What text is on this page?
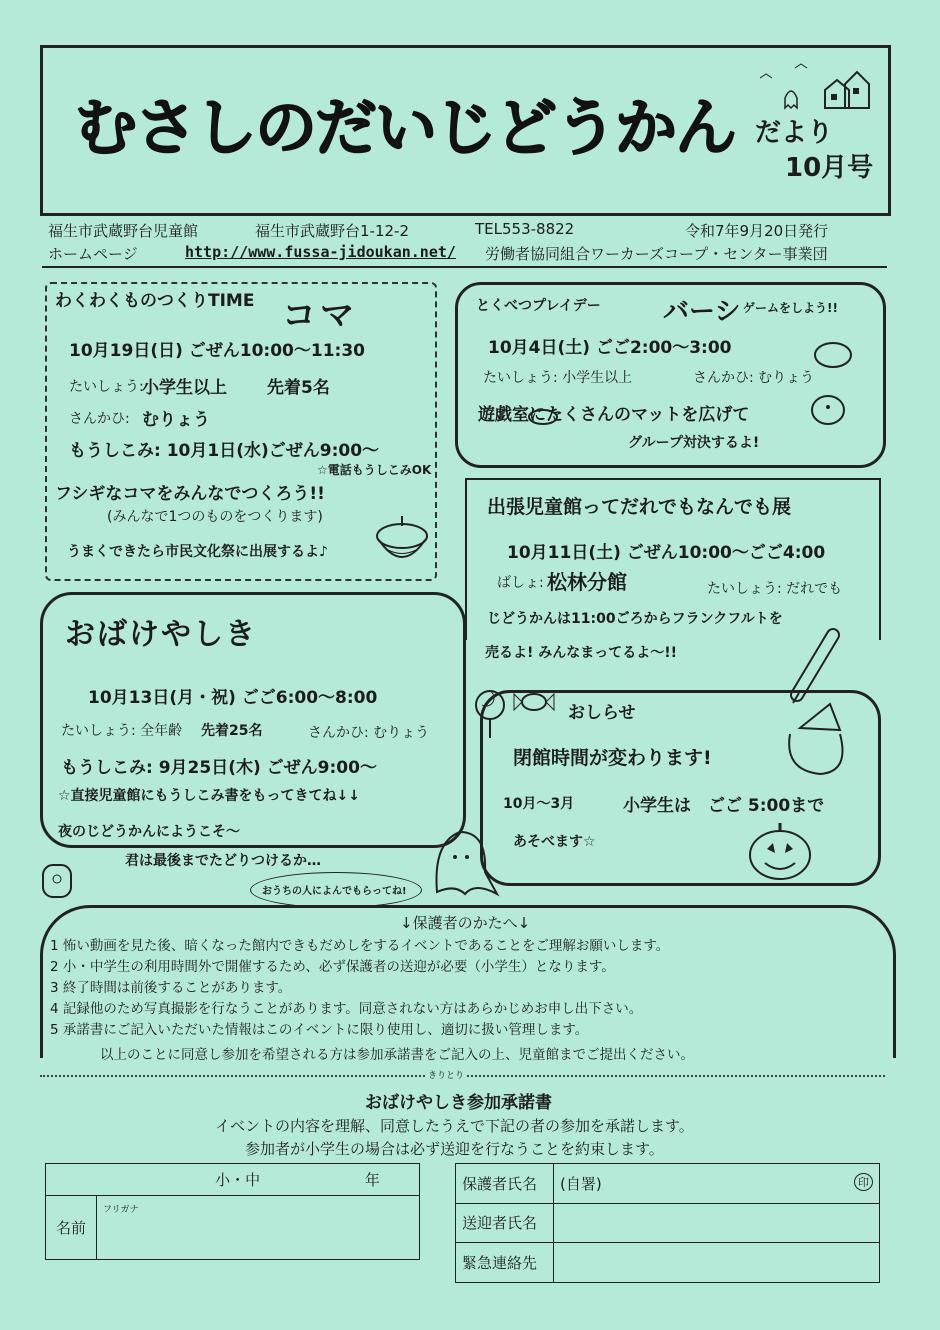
むさしのだいじどうかん だより
10月号
福生市武蔵野台児童館	福生市武蔵野台1-12-2	TEL553-8822	令和7年9月20日発行
ホームページ	http://www.fussa-jidoukan.net/ 労働者協同組合ワーカーズコープ・センター事業団
わくわくものつくりTIME コマ
10月19日(日) ごぜん10:00～11:30
たいしょう:
小学生以上 先着5名
さんかひ: むりょう
もうしこみ: 10月1日(水)ごぜん9:00～
☆電話もうしこみOK
フシギなコマをみんなでつくろう!!
(みんなで1つのものをつくります)
うまくできたら市民文化祭に出展するよ♪
とくべつプレイデー バーシ ゲームをしよう!!
10月4日(土) ごご2:00～3:00
たいしょう: 小学生以上	さんかひ: むりょう
遊戯室にたくさんのマットを広げて
グループ対決するよ!
出張児童館ってだれでもなんでも展
10月11日(土) ごぜん10:00～ごご4:00
ばしょ: 松林分館	たいしょう: だれでも
じどうかんは11:00ごろからフランクフルトを
売るよ! みんなまってるよ～!!
おばけやしき
10月13日(月・祝) ごご6:00～8:00
たいしょう: 全年齢 先着25名	さんかひ: むりょう
もうしこみ: 9月25日(木) ごぜん9:00～
☆直接児童館にもうしこみ書をもってきてね↓↓
夜のじどうかんにようこそ～
君は最後までたどりつけるか…
おうちの人によんでもらってね!
おしらせ
閉館時間が変わります!
10月～3月	小学生は ごご 5:00まで
あそべます☆
↓保護者のかたへ↓
1 怖い動画を見た後、暗くなった館内できもだめしをするイベントであることをご理解お願いします。
2 小・中学生の利用時間外で開催するため、必ず保護者の送迎が必要（小学生）となります。
3 終了時間は前後することがあります。
4 記録他のため写真撮影を行なうことがあります。同意されない方はあらかじめお申し出下さい。
5 承諾書にご記入いただいた情報はこのイベントに限り使用し、適切に扱い管理します。
以上のことに同意し参加を希望される方は参加承諾書をご記入の上、児童館までご提出ください。
きりとり
おばけやしき参加承諾書
イベントの内容を理解、同意したうえで下記の者の参加を承諾します。
参加者が小学生の場合は必ず送迎を行なうことを約束します。
小・中	年
名前	フリガナ
保護者氏名	(自署) 印

送迎者氏名	
緊急連絡先	
